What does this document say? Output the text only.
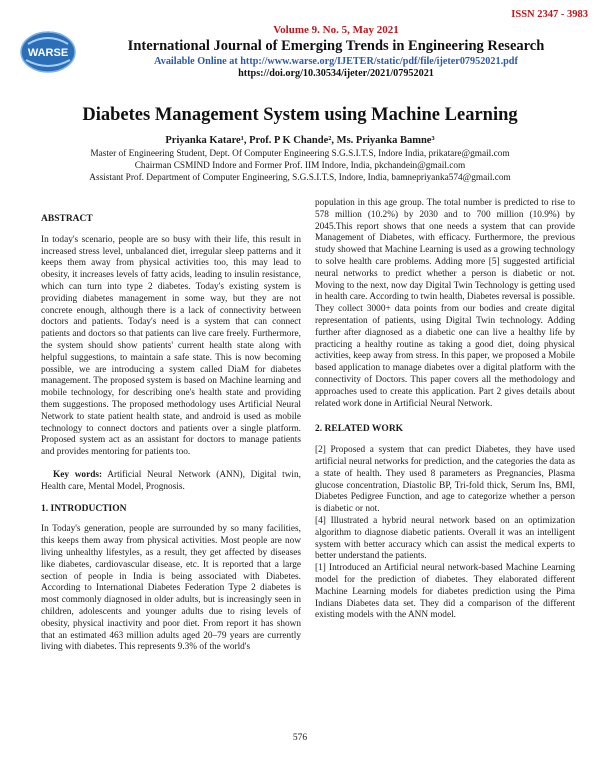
WARSE
ISSN 2347 - 3983
Volume 9. No. 5, May 2021
International Journal of Emerging Trends in Engineering Research
Available Online at http://www.warse.org/IJETER/static/pdf/file/ijeter07952021.pdf
https://doi.org/10.30534/ijeter/2021/07952021
Diabetes Management System using Machine Learning
Priyanka Katare¹, Prof. P K Chande², Ms. Priyanka Bamne³
Master of Engineering Student, Dept. Of Computer Engineering S.G.S.I.T.S, Indore India, prikatare@gmail.com
Chairman CSMIND Indore and Former Prof. IIM Indore, India, pkchandein@gmail.com
Assistant Prof. Department of Computer Engineering, S.G.S.I.T.S, Indore, India, bamnepriyanka574@gmail.com

ABSTRACT

In today's scenario, people are so busy with their life, this result in increased stress level, unbalanced diet, irregular sleep patterns and it keeps them away from physical activities too, this may lead to obesity, it increases levels of fatty acids, leading to insulin resistance, which can turn into type 2 diabetes. Today's existing system is providing diabetes management in some way, but they are not concrete enough, although there is a lack of connectivity between doctors and patients. Today's need is a system that can connect patients and doctors so that patients can live care freely. Furthermore, the system should show patients' current health state along with helpful suggestions, to maintain a safe state. This is now becoming possible, we are introducing a system called DiaM for diabetes management. The proposed system is based on Machine learning and mobile technology, for describing one's health state and providing them suggestions. The proposed methodology uses Artificial Neural Network to state patient health state, and android is used as mobile technology to connect doctors and patients over a single platform. Proposed system act as an assistant for doctors to manage patients and provides mentoring for patients too.

Key words: Artificial Neural Network (ANN), Digital twin, Health care, Mental Model, Prognosis.

1. INTRODUCTION

In Today's generation, people are surrounded by so many facilities, this keeps them away from physical activities. Most people are now living unhealthy lifestyles, as a result, they get affected by diseases like diabetes, cardiovascular disease, etc. It is reported that a large section of people in India is being associated with Diabetes. According to International Diabetes Federation Type 2 diabetes is most commonly diagnosed in older adults, but is increasingly seen in children, adolescents and younger adults due to rising levels of obesity, physical inactivity and poor diet. From report it has shown that an estimated 463 million adults aged 20–79 years are currently living with diabetes. This represents 9.3% of the world's

population in this age group. The total number is predicted to rise to 578 million (10.2%) by 2030 and to 700 million (10.9%) by 2045.This report shows that one needs a system that can provide Management of Diabetes, with efficacy. Furthermore, the previous study showed that Machine Learning is used as a growing technology to solve health care problems. Adding more [5] suggested artificial neural networks to predict whether a person is diabetic or not. Moving to the next, now day Digital Twin Technology is getting used in health care. According to twin health, Diabetes reversal is possible. They collect 3000+ data points from our bodies and create digital representation of patients, using Digital Twin technology. Adding further after diagnosed as a diabetic one can live a healthy life by practicing a healthy routine as taking a good diet, doing physical activities, keep away from stress. In this paper, we proposed a Mobile based application to manage diabetes over a digital platform with the connectivity of Doctors. This paper covers all the methodology and approaches used to create this application. Part 2 gives details about related work done in Artificial Neural Network.

2. RELATED WORK

[2] Proposed a system that can predict Diabetes, they have used artificial neural networks for prediction, and the categories the data as a state of health. They used 8 parameters as Pregnancies, Plasma glucose concentration, Diastolic BP, Tri-fold thick, Serum Ins, BMI, Diabetes Pedigree Function, and age to categorize whether a person is diabetic or not.

[4] Illustrated a hybrid neural network based on an optimization algorithm to diagnose diabetic patients. Overall it was an intelligent system with better accuracy which can assist the medical experts to better understand the patients.

[1] Introduced an Artificial neural network-based Machine Learning model for the prediction of diabetes. They elaborated different Machine Learning models for diabetes prediction using the Pima Indians Diabetes data set. They did a comparison of the different existing models with the ANN model.

576
